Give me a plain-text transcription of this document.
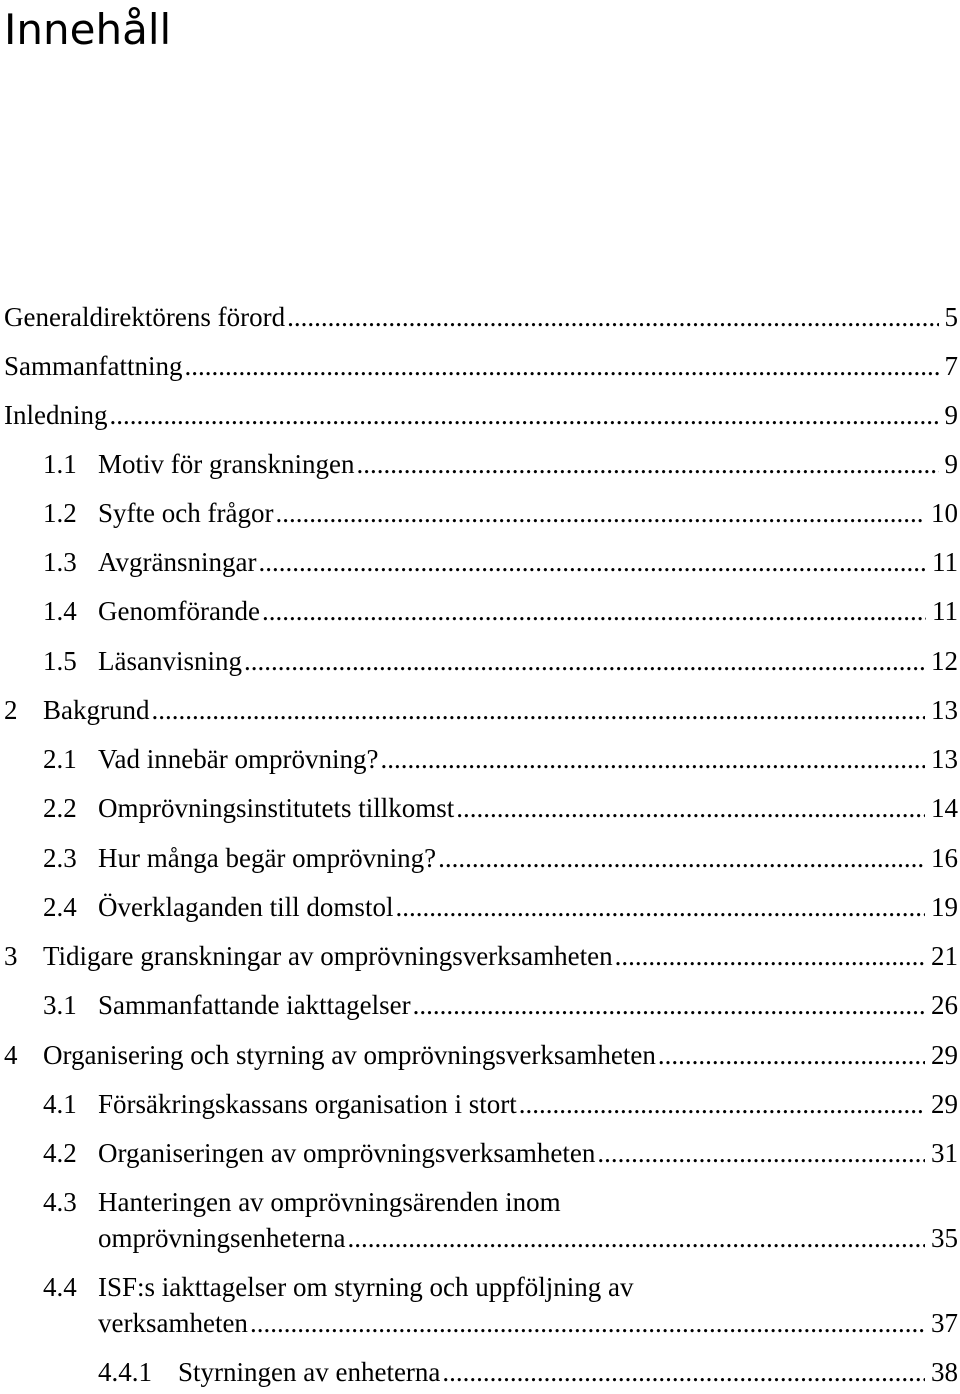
Innehåll
Generaldirektörens förord .....	5
Sammanfattning .....	7
Inledning .....	9
1.1 Motiv för granskningen .....	9
1.2 Syfte och frågor .....	10
1.3 Avgränsningar .....	11
1.4 Genomförande .....	11
1.5 Läsanvisning .....	12
2 Bakgrund .....	13
2.1 Vad innebär omprövning? .....	13
2.2 Omprövningsinstitutets tillkomst .....	14
2.3 Hur många begär omprövning? .....	16
2.4 Överklaganden till domstol .....	19
3 Tidigare granskningar av omprövningsverksamheten .....	21
3.1 Sammanfattande iakttagelser .....	26
4 Organisering och styrning av omprövningsverksamheten .....	29
4.1 Försäkringskassans organisation i stort .....	29
4.2 Organiseringen av omprövningsverksamheten .....	31
4.3 Hanteringen av omprövningsärenden inom
omprövningsenheterna .....	35
4.4 ISF:s iakttagelser om styrning och uppföljning av
verksamheten .....	37
4.4.1 Styrningen av enheterna .....	38
